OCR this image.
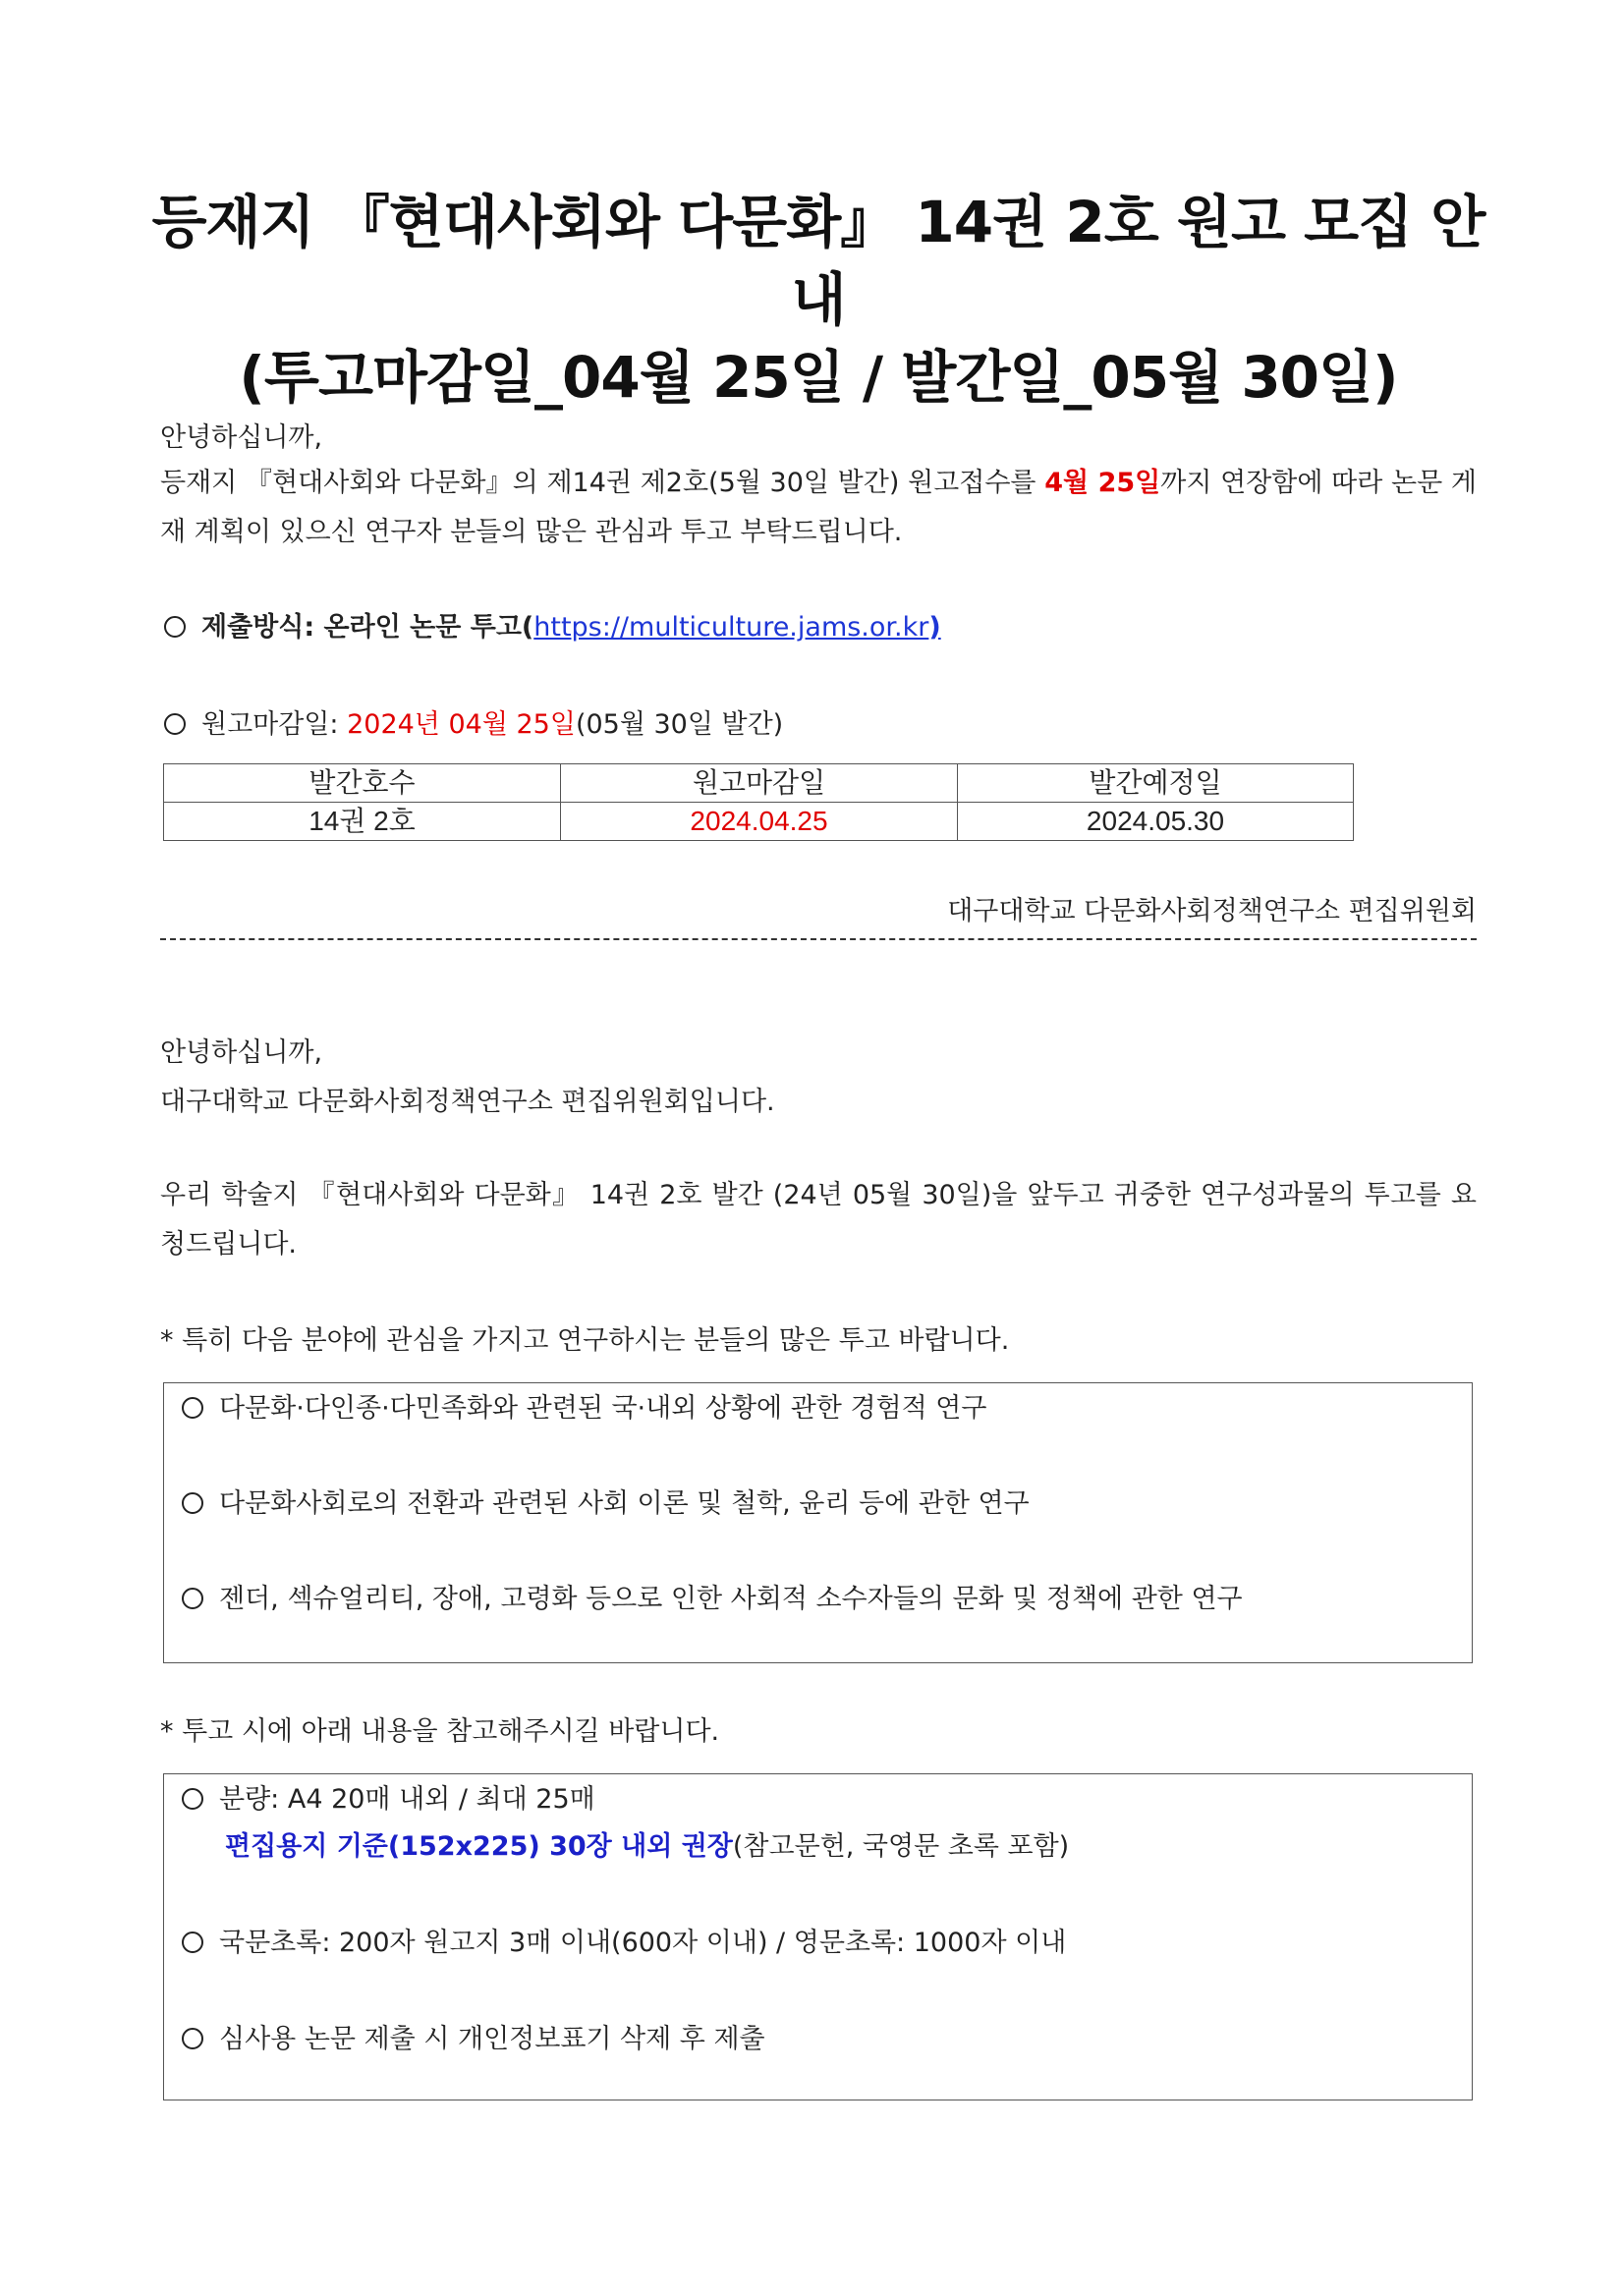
등재지 『현대사회와 다문화』 14권 2호 원고 모집 안내
(투고마감일_04월 25일 / 발간일_05월 30일)
안녕하십니까,
등재지 『현대사회와 다문화』의 제14권 제2호(5월 30일 발간) 원고접수를 4월 25일까지 연장함에 따라 논문 게재 계획이 있으신 연구자 분들의 많은 관심과 투고 부탁드립니다.
제출방식: 온라인 논문 투고(https://multiculture.jams.or.kr)
원고마감일: 2024년 04월 25일(05월 30일 발간)
발간호수	원고마감일	발간예정일
14권 2호	2024.04.25	2024.05.30
대구대학교 다문화사회정책연구소 편집위원회
안녕하십니까,
대구대학교 다문화사회정책연구소 편집위원회입니다.
우리 학술지 『현대사회와 다문화』 14권 2호 발간 (24년 05월 30일)을 앞두고 귀중한 연구성과물의 투고를 요청드립니다.
* 특히 다음 분야에 관심을 가지고 연구하시는 분들의 많은 투고 바랍니다.
다문화·다인종·다민족화와 관련된 국·내외 상황에 관한 경험적 연구
다문화사회로의 전환과 관련된 사회 이론 및 철학, 윤리 등에 관한 연구
젠더, 섹슈얼리티, 장애, 고령화 등으로 인한 사회적 소수자들의 문화 및 정책에 관한 연구
* 투고 시에 아래 내용을 참고해주시길 바랍니다.
분량: A4 20매 내외 / 최대 25매
편집용지 기준(152x225) 30장 내외 권장(참고문헌, 국영문 초록 포함)
국문초록: 200자 원고지 3매 이내(600자 이내) / 영문초록: 1000자 이내
심사용 논문 제출 시 개인정보표기 삭제 후 제출
